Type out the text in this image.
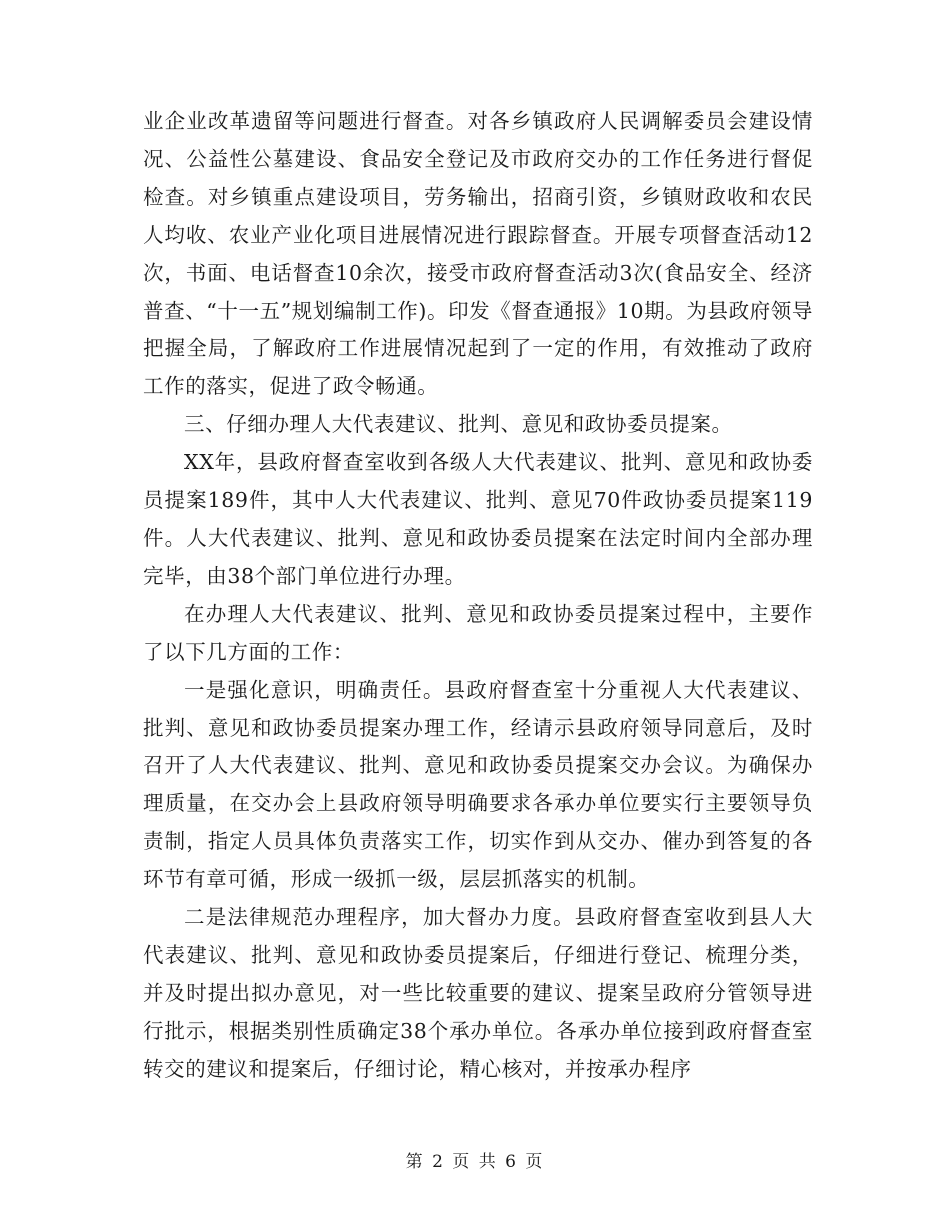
业企业改革遗留等问题进行督查。对各乡镇政府人民调解委员会建设情况、公益性公墓建设、食品安全登记及市政府交办的工作任务进行督促检查。对乡镇重点建设项目，劳务输出，招商引资，乡镇财政收和农民人均收、农业产业化项目进展情况进行跟踪督查。开展专项督查活动12次，书面、电话督查10余次，接受市政府督查活动3次(食品安全、经济普查、“十一五”规划编制工作)。印发《督查通报》10期。为县政府领导把握全局，了解政府工作进展情况起到了一定的作用，有效推动了政府工作的落实，促进了政令畅通。

三、仔细办理人大代表建议、批判、意见和政协委员提案。

XX年，县政府督查室收到各级人大代表建议、批判、意见和政协委员提案189件，其中人大代表建议、批判、意见70件政协委员提案119件。人大代表建议、批判、意见和政协委员提案在法定时间内全部办理完毕，由38个部门单位进行办理。

在办理人大代表建议、批判、意见和政协委员提案过程中，主要作了以下几方面的工作：

一是强化意识，明确责任。县政府督查室十分重视人大代表建议、批判、意见和政协委员提案办理工作，经请示县政府领导同意后，及时召开了人大代表建议、批判、意见和政协委员提案交办会议。为确保办理质量，在交办会上县政府领导明确要求各承办单位要实行主要领导负责制，指定人员具体负责落实工作，切实作到从交办、催办到答复的各环节有章可循，形成一级抓一级，层层抓落实的机制。

二是法律规范办理程序，加大督办力度。县政府督查室收到县人大代表建议、批判、意见和政协委员提案后，仔细进行登记、梳理分类，并及时提出拟办意见，对一些比较重要的建议、提案呈政府分管领导进行批示，根据类别性质确定38个承办单位。各承办单位接到政府督查室转交的建议和提案后，仔细讨论，精心核对，并按承办程序

第 2 页 共 6 页
